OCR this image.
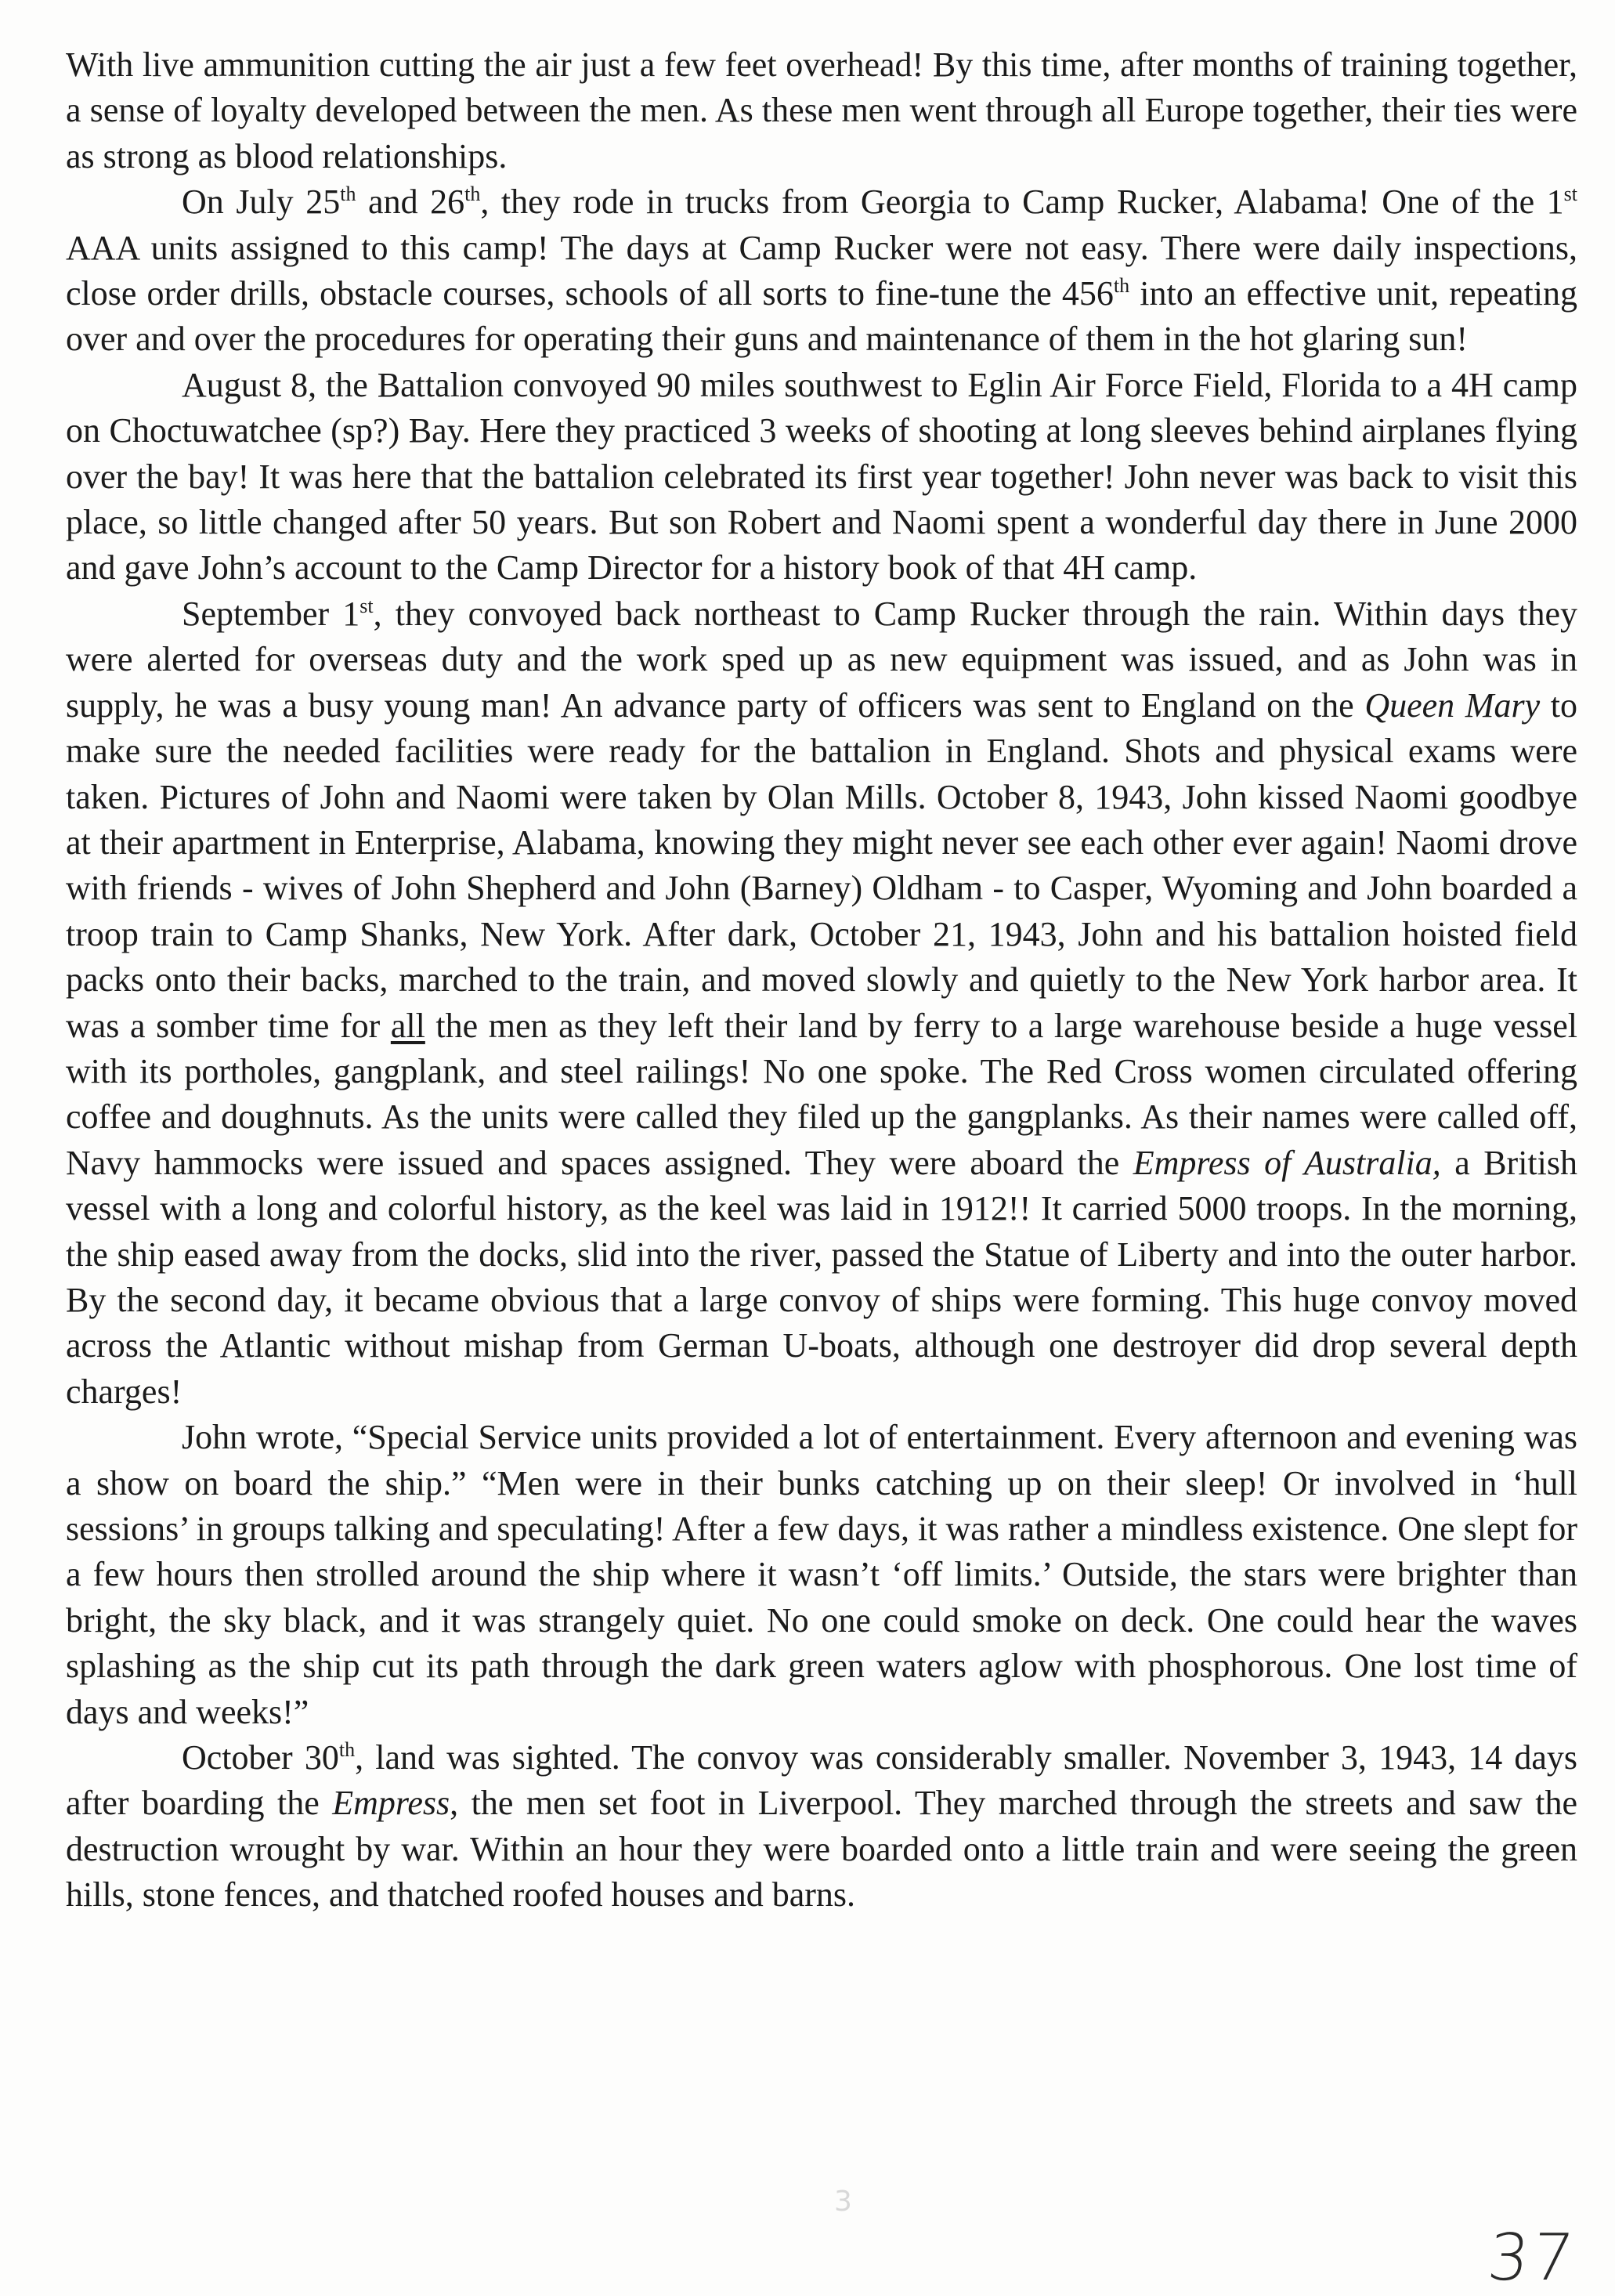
With live ammunition cutting the air just a few feet overhead! By this time, after months of training together, a sense of loyalty developed between the men. As these men went through all Europe together, their ties were as strong as blood relationships.

On July 25th and 26th, they rode in trucks from Georgia to Camp Rucker, Alabama! One of the 1st AAA units assigned to this camp! The days at Camp Rucker were not easy. There were daily inspections, close order drills, obstacle courses, schools of all sorts to fine-tune the 456th into an effective unit, repeating over and over the procedures for operating their guns and maintenance of them in the hot glaring sun!

August 8, the Battalion convoyed 90 miles southwest to Eglin Air Force Field, Florida to a 4H camp on Choctuwatchee (sp?) Bay. Here they practiced 3 weeks of shooting at long sleeves behind airplanes flying over the bay! It was here that the battalion celebrated its first year together! John never was back to visit this place, so little changed after 50 years. But son Robert and Naomi spent a wonderful day there in June 2000 and gave John’s account to the Camp Director for a history book of that 4H camp.

September 1st, they convoyed back northeast to Camp Rucker through the rain. Within days they were alerted for overseas duty and the work sped up as new equipment was issued, and as John was in supply, he was a busy young man! An advance party of officers was sent to England on the Queen Mary to make sure the needed facilities were ready for the battalion in England. Shots and physical exams were taken. Pictures of John and Naomi were taken by Olan Mills. October 8, 1943, John kissed Naomi goodbye at their apartment in Enterprise, Alabama, knowing they might never see each other ever again! Naomi drove with friends - wives of John Shepherd and John (Barney) Oldham - to Casper, Wyoming and John boarded a troop train to Camp Shanks, New York. After dark, October 21, 1943, John and his battalion hoisted field packs onto their backs, marched to the train, and moved slowly and quietly to the New York harbor area. It was a somber time for all the men as they left their land by ferry to a large warehouse beside a huge vessel with its portholes, gangplank, and steel railings! No one spoke. The Red Cross women circulated offering coffee and doughnuts. As the units were called they filed up the gangplanks. As their names were called off, Navy hammocks were issued and spaces assigned. They were aboard the Empress of Australia, a British vessel with a long and colorful history, as the keel was laid in 1912!! It carried 5000 troops. In the morning, the ship eased away from the docks, slid into the river, passed the Statue of Liberty and into the outer harbor. By the second day, it became obvious that a large convoy of ships were forming. This huge convoy moved across the Atlantic without mishap from German U-boats, although one destroyer did drop several depth charges!

John wrote, “Special Service units provided a lot of entertainment. Every afternoon and evening was a show on board the ship.” “Men were in their bunks catching up on their sleep! Or involved in ‘hull sessions’ in groups talking and speculating! After a few days, it was rather a mindless existence. One slept for a few hours then strolled around the ship where it wasn’t ‘off limits.’ Outside, the stars were brighter than bright, the sky black, and it was strangely quiet. No one could smoke on deck. One could hear the waves splashing as the ship cut its path through the dark green waters aglow with phosphorous. One lost time of days and weeks!”

October 30th, land was sighted. The convoy was considerably smaller. November 3, 1943, 14 days after boarding the Empress, the men set foot in Liverpool. They marched through the streets and saw the destruction wrought by war. Within an hour they were boarded onto a little train and were seeing the green hills, stone fences, and thatched roofed houses and barns.

3
37
